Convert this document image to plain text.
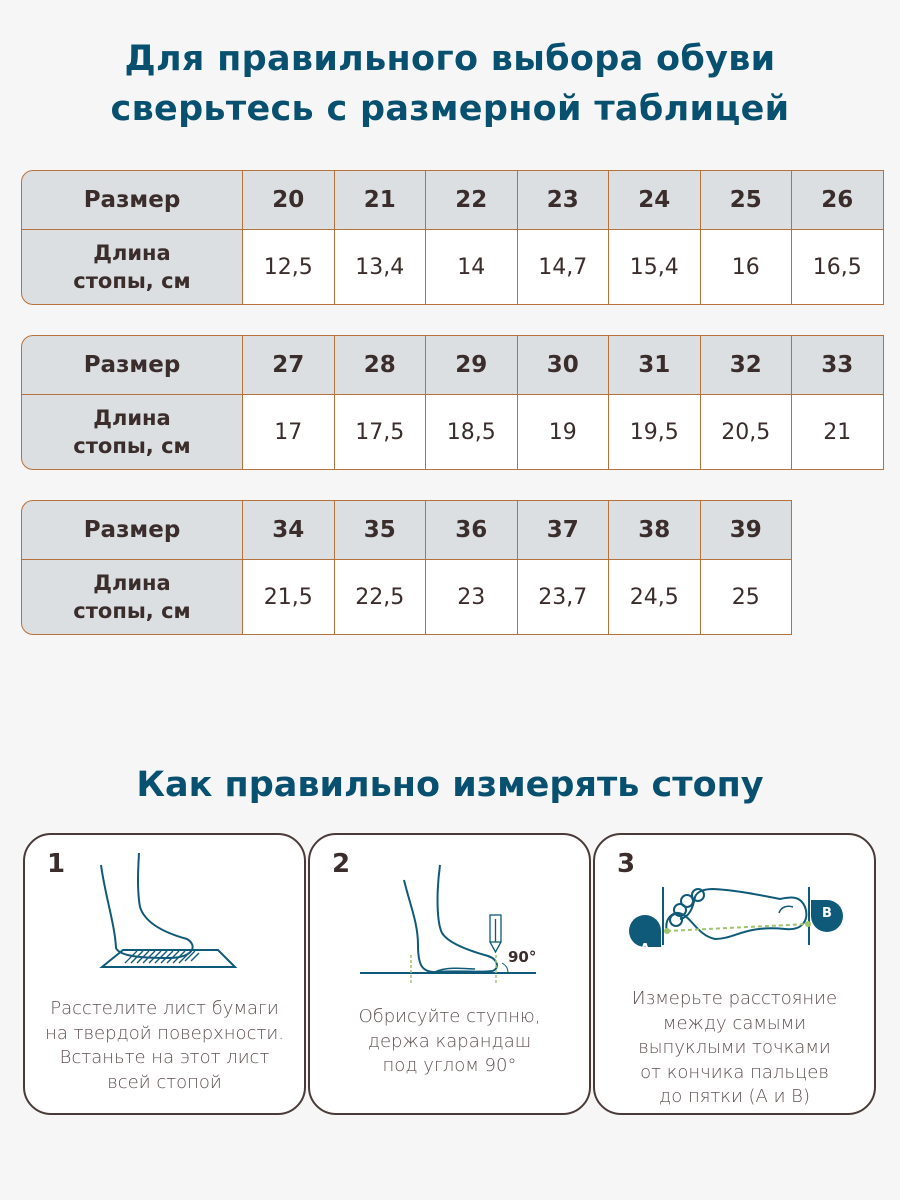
Для правильного выбора обуви
сверьтесь с размерной таблицей
Размер	20	21	22	23	24	25	26

Длина
стопы, см	12,5	13,4	14	14,7	15,4	16	16,5
Размер	27	28	29	30	31	32	33

Длина
стопы, см	17	17,5	18,5	19	19,5	20,5	21
Размер	34	35	36	37	38	39

Длина
стопы, см	21,5	22,5	23	23,7	24,5	25
Как правильно измерять стопу
1
Расстелите лист бумаги
на твердой поверхности.
Встаньте на этот лист
всей стопой
2
90°
Обрисуйте ступню,
держа карандаш
под углом 90°
3
A
B
Измерьте расстояние
между самыми
выпуклыми точками
от кончика пальцев
до пятки (А и В)
